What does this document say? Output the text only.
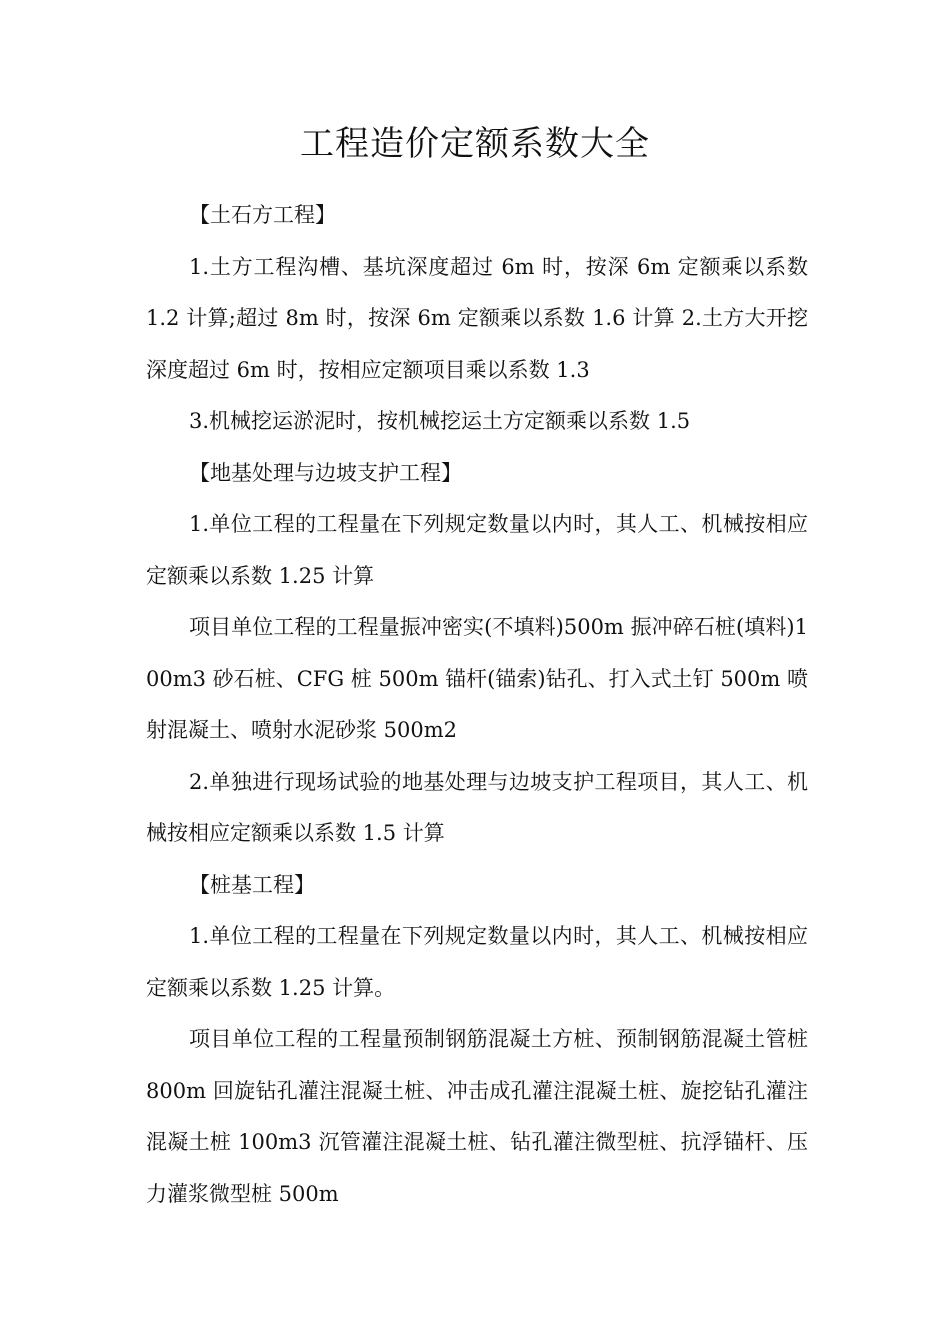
工程造价定额系数大全

【土石方工程】

1.土方工程沟槽、基坑深度超过 6m 时，按深 6m 定额乘以系数 1.2 计算;超过 8m 时，按深 6m 定额乘以系数 1.6 计算 2.土方大开挖深度超过 6m 时，按相应定额项目乘以系数 1.3

3.机械挖运淤泥时，按机械挖运土方定额乘以系数 1.5

【地基处理与边坡支护工程】

1.单位工程的工程量在下列规定数量以内时，其人工、机械按相应定额乘以系数 1.25 计算

项目单位工程的工程量振冲密实(不填料)500m 振冲碎石桩(填料)100m3 砂石桩、CFG 桩 500m 锚杆(锚索)钻孔、打入式土钉 500m 喷射混凝土、喷射水泥砂浆 500m2

2.单独进行现场试验的地基处理与边坡支护工程项目，其人工、机械按相应定额乘以系数 1.5 计算

【桩基工程】

1.单位工程的工程量在下列规定数量以内时，其人工、机械按相应定额乘以系数 1.25 计算。

项目单位工程的工程量预制钢筋混凝土方桩、预制钢筋混凝土管桩 800m 回旋钻孔灌注混凝土桩、冲击成孔灌注混凝土桩、旋挖钻孔灌注混凝土桩 100m3 沉管灌注混凝土桩、钻孔灌注微型桩、抗浮锚杆、压力灌浆微型桩 500m
